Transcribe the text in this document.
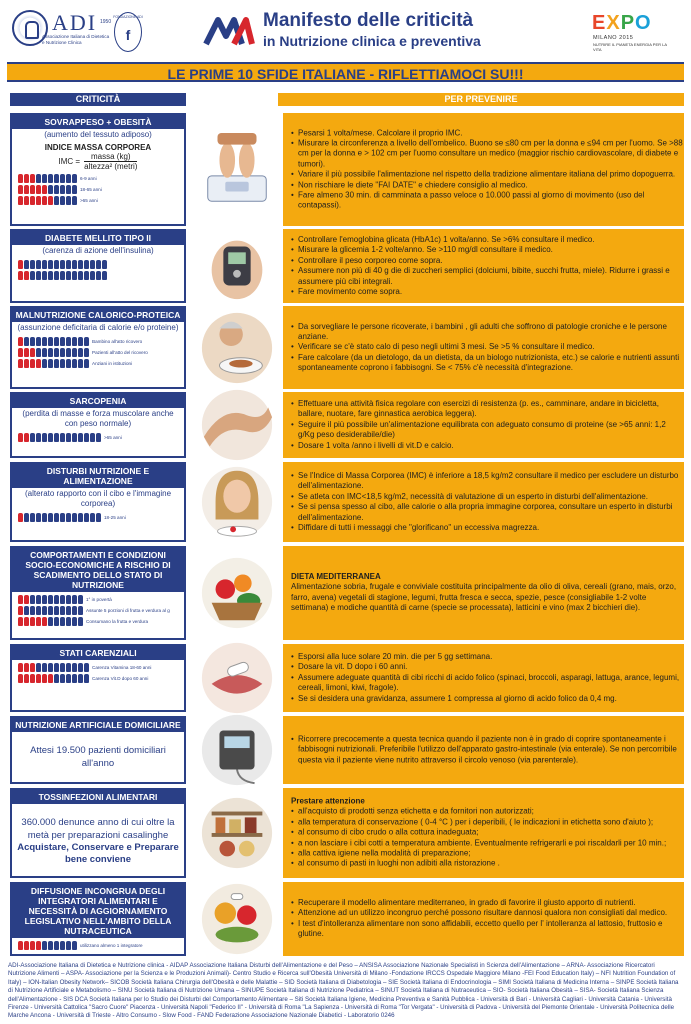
ADI 1950
Associazione Italiana di Dietetica e Nutrizione Clinica
FONDAZIONE ADI
f
Manifesto delle criticità
in Nutrizione clinica e preventiva
EXPO
MILANO 2015
NUTRIRE IL PIANETA ENERGIA PER LA VITA
LE PRIME 10 SFIDE ITALIANE - RIFLETTIAMOCI SU!!!
CRITICITÀ	PER PREVENIRE
SOVRAPPESO + OBESITÀ
(aumento del tessuto adiposo)
INDICE MASSA CORPOREA
IMC =
massa (kg)
altezza² (metri)
6-9 anni
18-65 anni
>65 anni
• Pesarsi 1 volta/mese. Calcolare il proprio IMC.
• Misurare la circonferenza a livello dell'ombelico. Buono se ≤80 cm per la donna e ≤94 cm per l'uomo. Se >88 cm per la donna e > 102 cm per l'uomo consultare un medico (maggior rischio cardiovascolare, di diabete e tumori).
• Variare il più possibile l'alimentazione nel rispetto della tradizione alimentare italiana del primo dopoguerra.
• Non rischiare le diete "FAI DATE" e chiedere consiglio al medico.
• Fare almeno 30 min. di camminata a passo veloce o 10.000 passi al giorno di movimento (uso del contapassi).
DIABETE MELLITO TIPO II
(carenza di azione dell'insulina)
• Controllare l'emoglobina glicata (HbA1c) 1 volta/anno. Se >6% consultare il medico.
• Misurare la glicemia 1-2 volte/anno. Se >110 mg/dl consultare il medico.
• Controllare il peso corporeo come sopra.
• Assumere non più di 40 g die di zuccheri semplici (dolciumi, bibite, succhi frutta, miele). Ridurre i grassi e assumere più cibi integrali.
• Fare movimento come sopra.
MALNUTRIZIONE CALORICO-PROTEICA
(assunzione deficitaria di calorie e/o proteine)
Bambino all'atto ricovero
Pazienti all'atto del ricovero
Anziani in istituzioni
• Da sorvegliare le persone ricoverate, i bambini , gli adulti che soffrono di patologie croniche e le persone anziane.
• Verificare se c'è stato calo di peso negli ultimi 3 mesi. Se >5 % consultare il medico.
• Fare calcolare (da un dietologo, da un dietista, da un biologo nutrizionista, etc.) se calorie e nutrienti assunti spontaneamente coprono i fabbisogni. Se < 75% c'è necessità d'integrazione.
SARCOPENIA
(perdita di masse e forza muscolare anche con peso normale)
>65 anni
• Effettuare una attività fisica regolare con esercizi di resistenza (p. es., camminare, andare in bicicletta, ballare, nuotare, fare ginnastica aerobica leggera).
• Seguire il più possibile un'alimentazione equilibrata con adeguato consumo di proteine (se >65 anni: 1,2 g/Kg peso desiderabile/die)
• Dosare 1 volta /anno i livelli di vit.D e calcio.
DISTURBI NUTRIZIONE E ALIMENTAZIONE
(alterato rapporto con il cibo e l'immagine corporea)
18-25 anni
• Se l'Indice di Massa Corporea (IMC) è inferiore a 18,5 kg/m2 consultare il medico per escludere un disturbo dell'alimentazione.
• Se atleta con IMC<18,5 kg/m2, necessità di valutazione di un esperto in disturbi dell'alimentazione.
• Se si pensa spesso al cibo, alle calorie o alla propria immagine corporea, consultare un esperto in disturbi dell'alimentazione.
• Diffidare di tutti i messaggi che "glorificano" un eccessiva magrezza.
COMPORTAMENTI E CONDIZIONI SOCIO-ECONOMICHE A RISCHIO DI SCADIMENTO DELLO STATO DI NUTRIZIONE
1° in povertà
Assunte 5 porzioni di frutta e verdura al g
Consumano la frutta e verdura
DIETA MEDITERRANEA
Alimentazione sobria, frugale e conviviale costituita principalmente da olio di oliva, cereali (grano, mais, orzo, farro, avena) vegetali di stagione, legumi, frutta fresca e secca, spezie, pesce (consigliabile 1-2 volte settimana) e modiche quantità di carne (specie se processata), latticini e vino (max 2 bicchieri die).
STATI CARENZIALI
Carenza Vitamina 18-60 anni
Carenza Vit.D dopo 60 anni
• Esporsi alla luce solare 20 min. die per 5 gg settimana.
• Dosare la vit. D dopo i 60 anni.
• Assumere adeguate quantità di cibi ricchi di acido folico (spinaci, broccoli, asparagi, lattuga, arance, legumi, cereali, limoni, kiwi, fragole).
• Se si desidera una gravidanza, assumere 1 compressa al giorno di acido folico da 0,4 mg.
NUTRIZIONE ARTIFICIALE DOMICILIARE
Attesi 19.500 pazienti domiciliari all'anno
• Ricorrere precocemente a questa tecnica quando il paziente non è in grado di coprire spontaneamente i fabbisogni nutrizionali. Preferibile l'utilizzo dell'apparato gastro-intestinale (via enterale). Se non percorribile questa via il paziente viene nutrito attraverso il circolo venoso (via parenterale).
TOSSINFEZIONI ALIMENTARI
360.000 denunce anno di cui oltre la metà per preparazioni casalinghe
Acquistare, Conservare e Preparare bene conviene
Prestare attenzione
• all'acquisto di prodotti senza etichetta e da fornitori non autorizzati;
• alla temperatura di conservazione ( 0-4 °C ) per i deperibili, ( le indicazioni in etichetta sono d'aiuto );
• al consumo di cibo crudo o alla cottura inadeguata;
• a non lasciare i cibi cotti a temperatura ambiente. Eventualmente refrigerarli e poi riscaldarli per 10 min.;
• alla cattiva igiene nella modalità di preparazione;
• al consumo di pasti in luoghi non adibiti alla ristorazione .
DIFFUSIONE INCONGRUA DEGLI INTEGRATORI ALIMENTARI E NECESSITÀ DI AGGIORNAMENTO LEGISLATIVO NELL'AMBITO DELLA NUTRACEUTICA
utilizzano almeno 1 integratore
• Recuperare il modello alimentare mediterraneo, in grado di favorire il giusto apporto di nutrienti.
• Attenzione ad un utilizzo incongruo perché possono risultare dannosi qualora non consigliati dal medico.
• I test d'intolleranza alimentare non sono affidabili, eccetto quello per l' intolleranza al lattosio, fruttosio e glutine.
ADI-Associazione Italiana di Dietetica e Nutrizione clinica - AIDAP Associazione Italiana Disturbi dell'Alimentazione e del Peso – ANSISA Associazione Nazionale Specialisti in Scienza dell'Alimentazione – ARNA- Associazione Ricercatori Nutrizione Alimenti – ASPA- Associazione per la Scienza e le Produzioni Animali)- Centro Studio e Ricerca sull'Obesità Università di Milano -Fondazione IRCCS Ospedale Maggiore Milano -FEI Food Education Italy) – NFI Nutrition Foundation of Italy) – ION-Italian Obesity Network– SICOB Società Italiana Chirurgia dell'Obesità e delle Malattie – SID Società Italiana di Diabetologia – SIE Società Italiana di Endocrinologia – SIMI Società Italiana di Medicina Interna – SINPE Società Italiana di Nutrizione Artificiale e Metabolismo – SINU Società Italiana di Nutrizione Umana – SINUPE Società Italiana di Nutrizione Pediatrica – SINUT Società Italiana di Nutraceutica – SIO- Società Italiana Obesità – SISA- Società Italiana Scienza dell'Alimentazione - SIS DCA Società Italiana per lo Studio dei Disturbi del Comportamento Alimentare – Siti Società Italiana Igiene, Medicina Preventiva e Sanità Pubblica - Università di Bari - Università Cagliari - Università Catania - Università Firenze - Università Cattolica "Sacro Cuore" Piacenza - Università Napoli "Federico II" - Università di Roma "La Sapienza - Università di Roma "Tor Vergata" - Università di Padova - Università del Piemonte Orientale - Università Politecnica delle Marche Ancona - Università di Trieste - Altro Consumo - Slow Food - FAND Federazione Associazione Nazionale Diabetici - Laboratorio 0246
